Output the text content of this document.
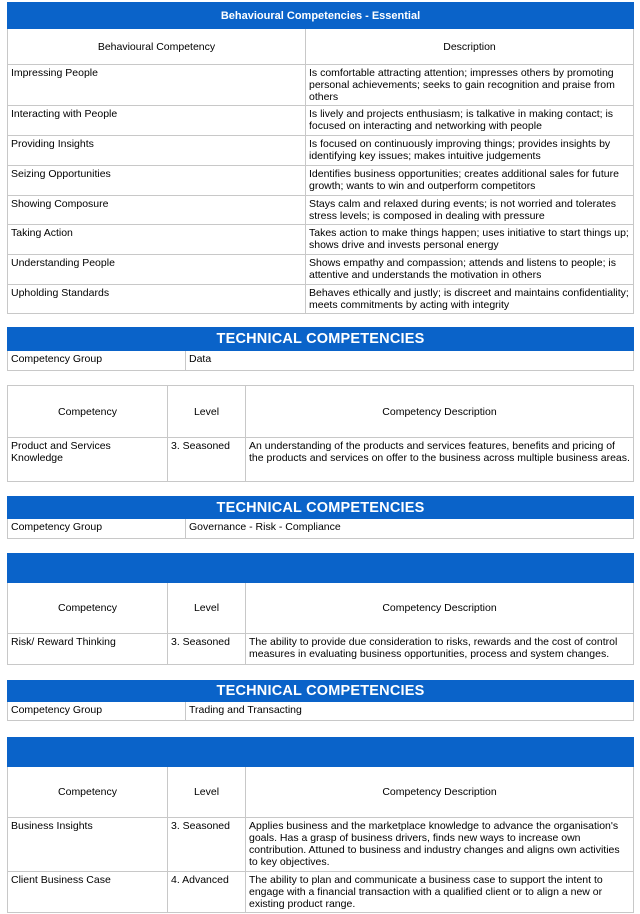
Behavioural Competencies - Essential	
Behavioural Competency	Description
Impressing People	Is comfortable attracting attention; impresses others by promoting personal achievements; seeks to gain recognition and praise from others
Interacting with People	Is lively and projects enthusiasm; is talkative in making contact; is focused on interacting and networking with people
Providing Insights	Is focused on continuously improving things; provides insights by identifying key issues; makes intuitive judgements
Seizing Opportunities	Identifies business opportunities; creates additional sales for future growth; wants to win and outperform competitors
Showing Composure	Stays calm and relaxed during events; is not worried and tolerates stress levels; is composed in dealing with pressure
Taking Action	Takes action to make things happen; uses initiative to start things up; shows drive and invests personal energy
Understanding People	Shows empathy and compassion; attends and listens to people; is attentive and understands the motivation in others
Upholding Standards	Behaves ethically and justly; is discreet and maintains confidentiality; meets commitments by acting with integrity
TECHNICAL COMPETENCIES
Competency Group	Data
Competency	Level	Competency Description
Product and Services Knowledge	3. Seasoned	An understanding of the products and services features, benefits and pricing of the products and services on offer to the business across multiple business areas.
TECHNICAL COMPETENCIES
Competency Group	Governance - Risk - Compliance

Competency	Level	Competency Description
Risk/ Reward Thinking	3. Seasoned	The ability to provide due consideration to risks, rewards and the cost of control measures in evaluating business opportunities, process and system changes.
TECHNICAL COMPETENCIES
Competency Group	Trading and Transacting

Competency	Level	Competency Description
Business Insights	3. Seasoned	Applies business and the marketplace knowledge to advance the organisation's goals. Has a grasp of business drivers, finds new ways to increase own contribution. Attuned to business and industry changes and aligns own activities to key objectives.
Client Business Case	4. Advanced	The ability to plan and communicate a business case to support the intent to engage with a financial transaction with a qualified client or to align a new or existing product range.
